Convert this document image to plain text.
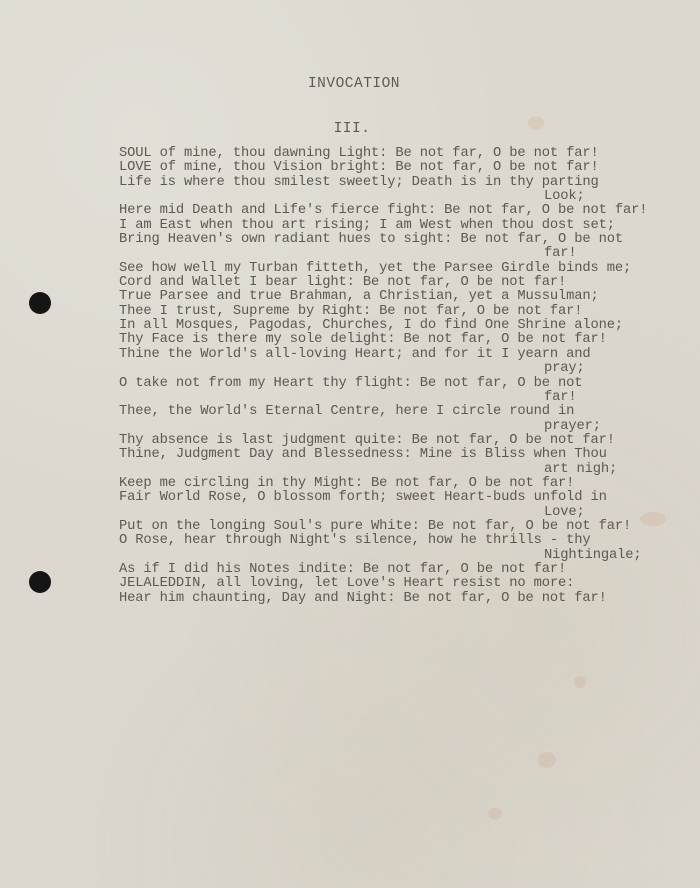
INVOCATION
III.
SOUL of mine, thou dawning Light: Be not far, O be not far!
LOVE of mine, thou Vision bright: Be not far, O be not far!
Life is where thou smilest sweetly; Death is in thy parting
Look;
Here mid Death and Life's fierce fight: Be not far, O be not far!
I am East when thou art rising; I am West when thou dost set;
Bring Heaven's own radiant hues to sight: Be not far, O be not
far!
See how well my Turban fitteth, yet the Parsee Girdle binds me;
Cord and Wallet I bear light: Be not far, O be not far!
True Parsee and true Brahman, a Christian, yet a Mussulman;
Thee I trust, Supreme by Right: Be not far, O be not far!
In all Mosques, Pagodas, Churches, I do find One Shrine alone;
Thy Face is there my sole delight: Be not far, O be not far!
Thine the World's all-loving Heart; and for it I yearn and
pray;
O take not from my Heart thy flight: Be not far, O be not
far!
Thee, the World's Eternal Centre, here I circle round in
prayer;
Thy absence is last judgment quite: Be not far, O be not far!
Thine, Judgment Day and Blessedness: Mine is Bliss when Thou
art nigh;
Keep me circling in thy Might: Be not far, O be not far!
Fair World Rose, O blossom forth; sweet Heart-buds unfold in
Love;
Put on the longing Soul's pure White: Be not far, O be not far!
O Rose, hear through Night's silence, how he thrills - thy
Nightingale;
As if I did his Notes indite: Be not far, O be not far!
JELALEDDIN, all loving, let Love's Heart resist no more:
Hear him chaunting, Day and Night: Be not far, O be not far!
